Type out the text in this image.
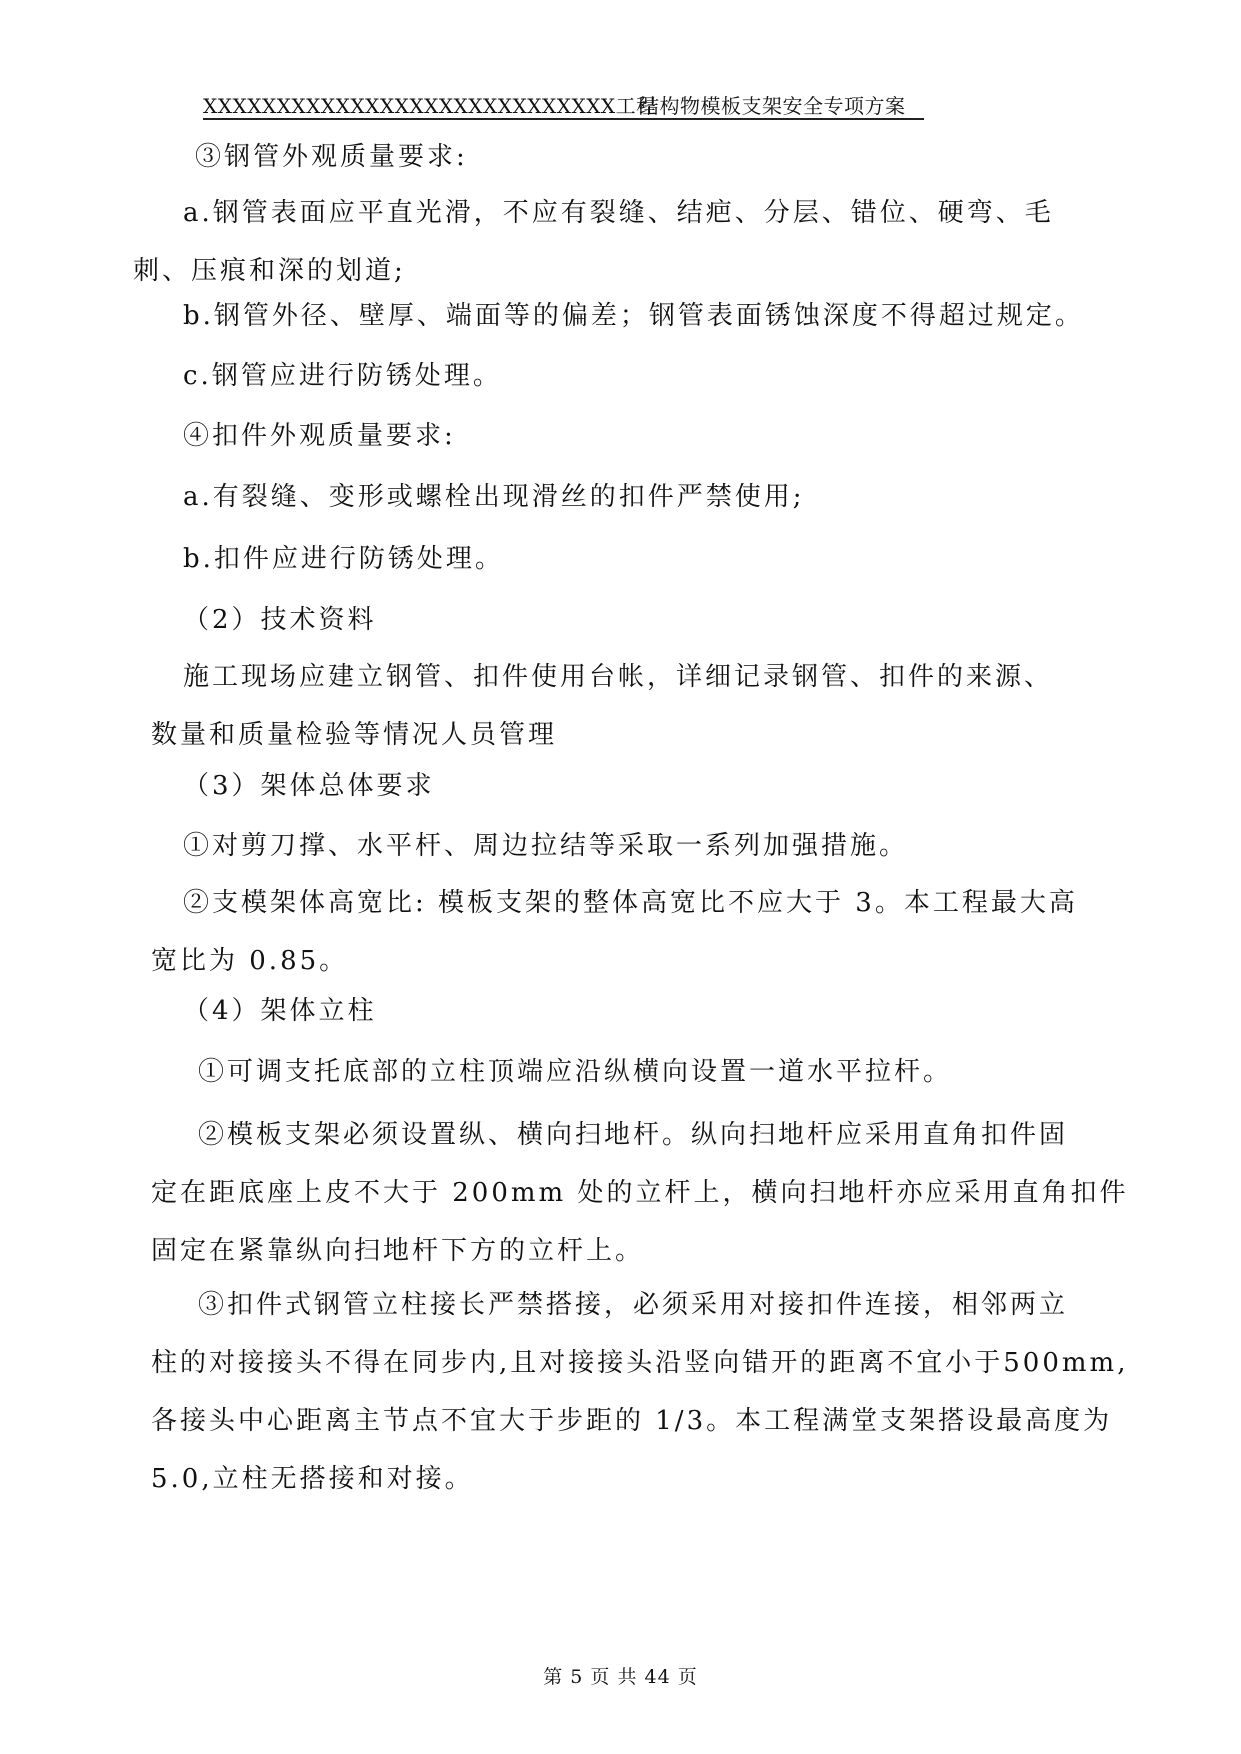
XXXXXXXXXXXXXXXXXXXXXXXXXXXX工程
结构物模板支架安全专项方案
③钢管外观质量要求:
a.钢管表面应平直光滑，不应有裂缝、结疤、分层、错位、硬弯、毛
刺、压痕和深的划道;
b.钢管外径、壁厚、端面等的偏差；钢管表面锈蚀深度不得超过规定。
c.钢管应进行防锈处理。
④扣件外观质量要求:
a.有裂缝、变形或螺栓出现滑丝的扣件严禁使用;
b.扣件应进行防锈处理。
（2）技术资料
施工现场应建立钢管、扣件使用台帐，详细记录钢管、扣件的来源、
数量和质量检验等情况人员管理
（3）架体总体要求
①对剪刀撑、水平杆、周边拉结等采取一系列加强措施。
②支模架体高宽比: 模板支架的整体高宽比不应大于 3。本工程最大高
宽比为 0.85。
（4）架体立柱
①可调支托底部的立柱顶端应沿纵横向设置一道水平拉杆。
②模板支架必须设置纵、横向扫地杆。纵向扫地杆应采用直角扣件固
定在距底座上皮不大于 200mm 处的立杆上，横向扫地杆亦应采用直角扣件
固定在紧靠纵向扫地杆下方的立杆上。
③扣件式钢管立柱接长严禁搭接，必须采用对接扣件连接，相邻两立
柱的对接接头不得在同步内,且对接接头沿竖向错开的距离不宜小于500mm,
各接头中心距离主节点不宜大于步距的 1/3。本工程满堂支架搭设最高度为
5.0,立柱无搭接和对接。
第 5 页 共 44 页
